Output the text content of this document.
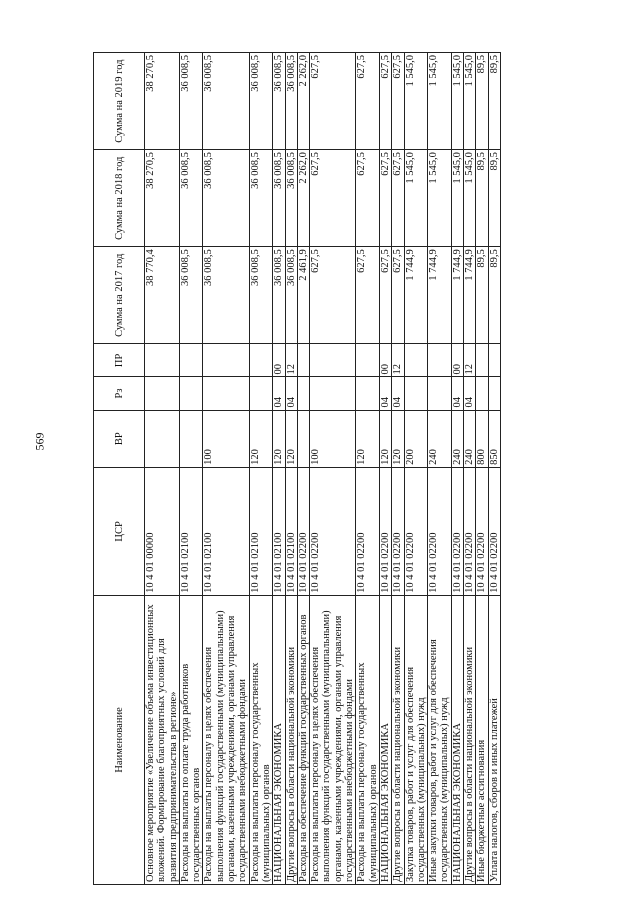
569
Наименование	ЦСР	ВР	Рз	ПР	Сумма на 2017 год	Сумма на 2018 год	Сумма на 2019 год
Основное мероприятие «Увеличение объема инвестиционных вложений. Формирование благоприятных условий для развития предпринимательства в регионе»	10 4 01 00000				38 770,4	38 270,5	38 270,5
Расходы на выплаты по оплате труда работников государственных органов	10 4 01 02100				36 008,5	36 008,5	36 008,5
Расходы на выплаты персоналу в целях обеспечения выполнения функций государственными (муниципальными) органами, казенными учреждениями, органами управления государственными внебюджетными фондами	10 4 01 02100	100			36 008,5	36 008,5	36 008,5
Расходы на выплаты персоналу государственных (муниципальных) органов	10 4 01 02100	120			36 008,5	36 008,5	36 008,5
НАЦИОНАЛЬНАЯ ЭКОНОМИКА	10 4 01 02100	120	04	00	36 008,5	36 008,5	36 008,5
Другие вопросы в области национальной экономики	10 4 01 02100	120	04	12	36 008,5	36 008,5	36 008,5
Расходы на обеспечение функций государственных органов	10 4 01 02200				2 461,9	2 262,0	2 262,0
Расходы на выплаты персоналу в целях обеспечения выполнения функций государственными (муниципальными) органами, казенными учреждениями, органами управления государственными внебюджетными фондами	10 4 01 02200	100			627,5	627,5	627,5
Расходы на выплаты персоналу государственных (муниципальных) органов	10 4 01 02200	120			627,5	627,5	627,5
НАЦИОНАЛЬНАЯ ЭКОНОМИКА	10 4 01 02200	120	04	00	627,5	627,5	627,5
Другие вопросы в области национальной экономики	10 4 01 02200	120	04	12	627,5	627,5	627,5
Закупка товаров, работ и услуг для обеспечения государственных (муниципальных) нужд	10 4 01 02200	200			1 744,9	1 545,0	1 545,0
Иные закупки товаров, работ и услуг для обеспечения государственных (муниципальных) нужд	10 4 01 02200	240			1 744,9	1 545,0	1 545,0
НАЦИОНАЛЬНАЯ ЭКОНОМИКА	10 4 01 02200	240	04	00	1 744,9	1 545,0	1 545,0
Другие вопросы в области национальной экономики	10 4 01 02200	240	04	12	1 744,9	1 545,0	1 545,0
Иные бюджетные ассигнования	10 4 01 02200	800			89,5	89,5	89,5
Уплата налогов, сборов и иных платежей	10 4 01 02200	850			89,5	89,5	89,5
